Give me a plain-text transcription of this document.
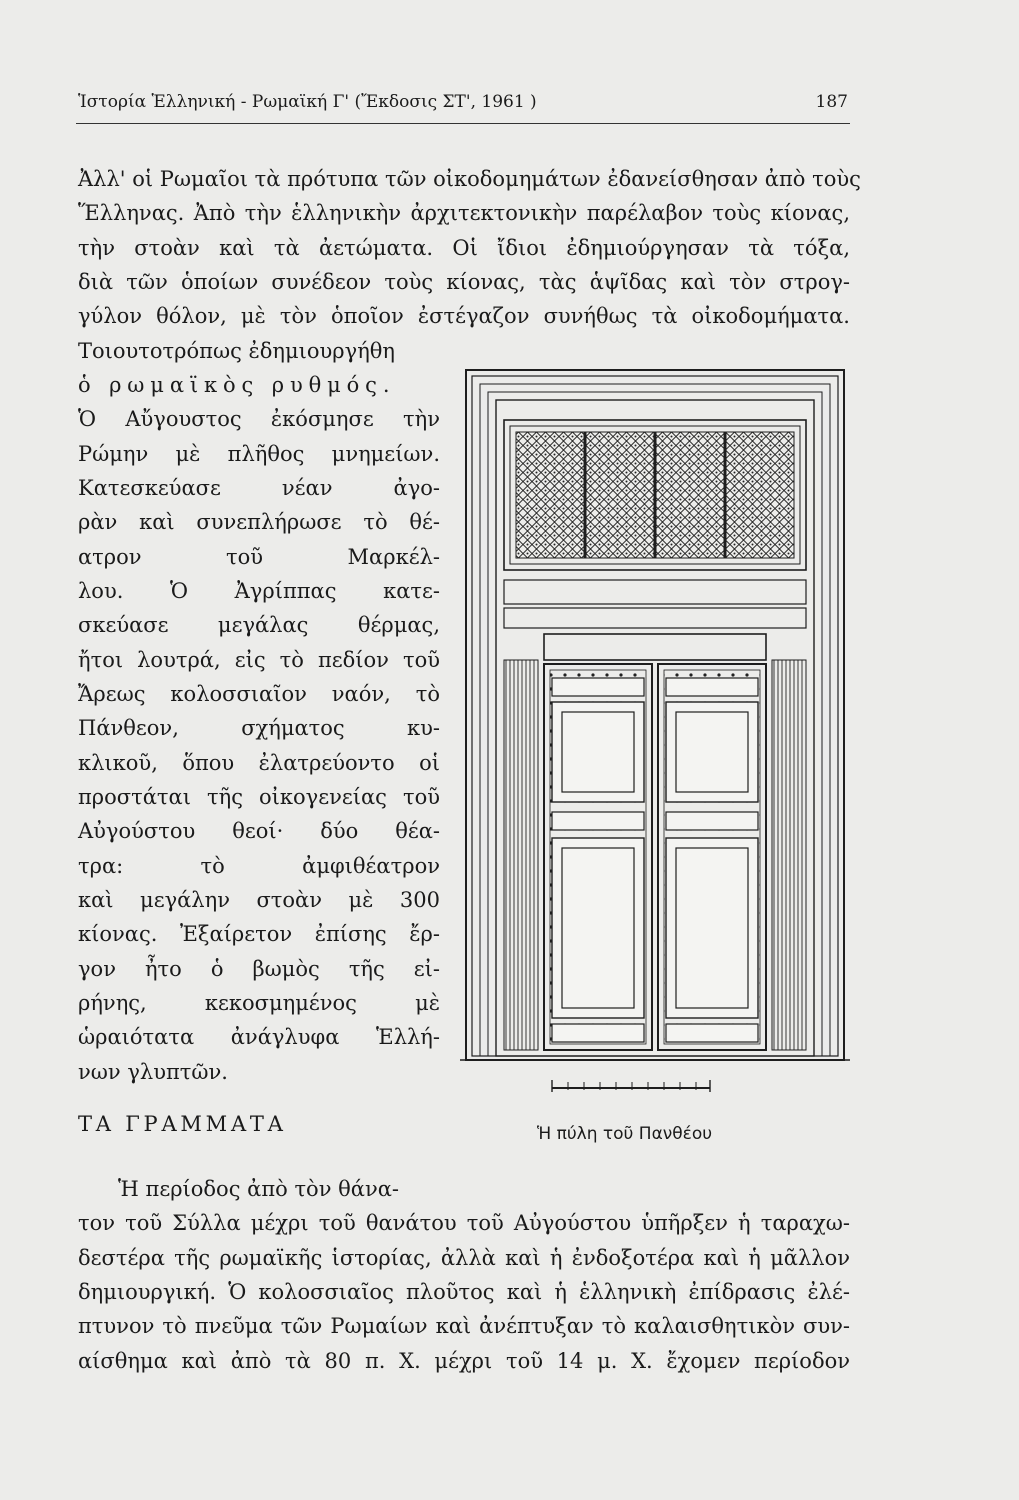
Ἱστορία Ἑλληνική - Ρωμαϊκή Γ' (Ἔκδοσις ΣΤ', 1961 )	187
Ἀλλ' οἱ Ρωμαῖοι τὰ πρότυπα τῶν οἰκοδομημάτων ἐδανείσθησαν ἀπὸ τοὺς
Ἕλληνας. Ἀπὸ τὴν ἑλληνικὴν ἀρχιτεκτονικὴν παρέλαβον τοὺς κίονας,
τὴν στοὰν καὶ τὰ ἀετώματα. Οἱ ἴδιοι ἐδημιούργησαν τὰ τόξα,
διὰ τῶν ὁποίων συνέδεον τοὺς κίονας, τὰς ἁψῖδας καὶ τὸν στρογ-
γύλον θόλον, μὲ τὸν ὁποῖον ἐστέγαζον συνήθως τὰ οἰκοδομήματα.
Τοιουτοτρόπως ἐδημιουργήθη
ὁ ρωμαϊκὸς ρυθμός.
Ὁ Αὔγουστος ἐκόσμησε τὴν
Ρώμην μὲ πλῆθος μνημείων.
Κατεσκεύασε νέαν ἀγο-
ρὰν καὶ συνεπλήρωσε τὸ θέ-
ατρον τοῦ Μαρκέλ-
λου. Ὁ Ἀγρίππας κατε-
σκεύασε μεγάλας θέρμας,
ἤτοι λουτρά, εἰς τὸ πεδίον τοῦ
Ἄρεως κολοσσιαῖον ναόν, τὸ
Πάνθεον, σχήματος κυ-
κλικοῦ, ὅπου ἐλατρεύοντο οἱ
προστάται τῆς οἰκογενείας τοῦ
Αὐγούστου θεοί· δύο θέα-
τρα: τὸ ἀμφιθέατρον
καὶ μεγάλην στοὰν μὲ 300
κίονας. Ἐξαίρετον ἐπίσης ἔρ-
γον ἦτο ὁ βωμὸς τῆς εἰ-
ρήνης, κεκοσμημένος μὲ
ὡραιότατα ἀνάγλυφα Ἑλλή-
νων γλυπτῶν.
ΤΑ ΓΡΑΜΜΑΤΑ	Ἡ πύλη τοῦ Πανθέου
Ἡ περίοδος ἀπὸ τὸν θάνα-
τον τοῦ Σύλλα μέχρι τοῦ θανάτου τοῦ Αὐγούστου ὑπῆρξεν ἡ ταραχω-
δεστέρα τῆς ρωμαϊκῆς ἱστορίας, ἀλλὰ καὶ ἡ ἐνδοξοτέρα καὶ ἡ μᾶλλον
δημιουργική. Ὁ κολοσσιαῖος πλοῦτος καὶ ἡ ἑλληνικὴ ἐπίδρασις ἐλέ-
πτυνον τὸ πνεῦμα τῶν Ρωμαίων καὶ ἀνέπτυξαν τὸ καλαισθητικὸν συν-
αίσθημα καὶ ἀπὸ τὰ 80 π. Χ. μέχρι τοῦ 14 μ. Χ. ἔχομεν περίοδον
